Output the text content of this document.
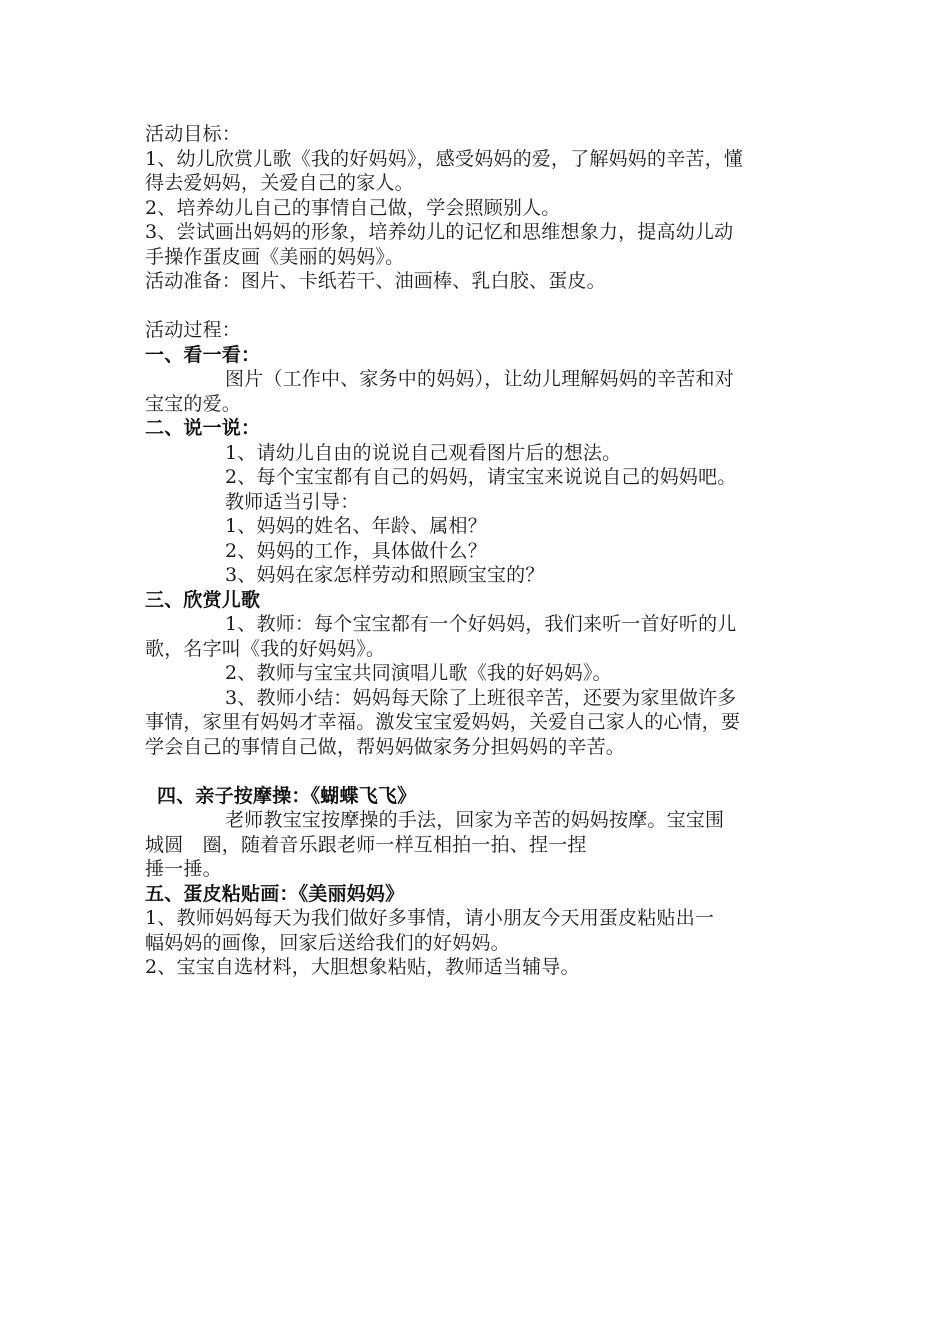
活动目标：
1、幼儿欣赏儿歌《我的好妈妈》，感受妈妈的爱，了解妈妈的辛苦，懂
得去爱妈妈，关爱自己的家人。
2、培养幼儿自己的事情自己做，学会照顾别人。
3、尝试画出妈妈的形象，培养幼儿的记忆和思维想象力，提高幼儿动
手操作蛋皮画《美丽的妈妈》。
活动准备：图片、卡纸若干、油画棒、乳白胶、蛋皮。
活动过程：
一、看一看：
图片（工作中、家务中的妈妈），让幼儿理解妈妈的辛苦和对
宝宝的爱。
二、说一说：
1、请幼儿自由的说说自己观看图片后的想法。
2、每个宝宝都有自己的妈妈，请宝宝来说说自己的妈妈吧。
教师适当引导：
1、妈妈的姓名、年龄、属相？
2、妈妈的工作，具体做什么？
3、妈妈在家怎样劳动和照顾宝宝的？
三、欣赏儿歌
1、教师：每个宝宝都有一个好妈妈，我们来听一首好听的儿
歌，名字叫《我的好妈妈》。
2、教师与宝宝共同演唱儿歌《我的好妈妈》。
3、教师小结：妈妈每天除了上班很辛苦，还要为家里做许多
事情，家里有妈妈才幸福。激发宝宝爱妈妈，关爱自己家人的心情，要
学会自己的事情自己做，帮妈妈做家务分担妈妈的辛苦。
四、亲子按摩操：《蝴蝶飞飞》
老师教宝宝按摩操的手法，回家为辛苦的妈妈按摩。宝宝围
城圆　圈，随着音乐跟老师一样互相拍一拍、捏一捏
捶一捶。
五、蛋皮粘贴画：《美丽妈妈》
1、教师妈妈每天为我们做好多事情，请小朋友今天用蛋皮粘贴出一
幅妈妈的画像，回家后送给我们的好妈妈。
2、宝宝自选材料，大胆想象粘贴，教师适当辅导。
